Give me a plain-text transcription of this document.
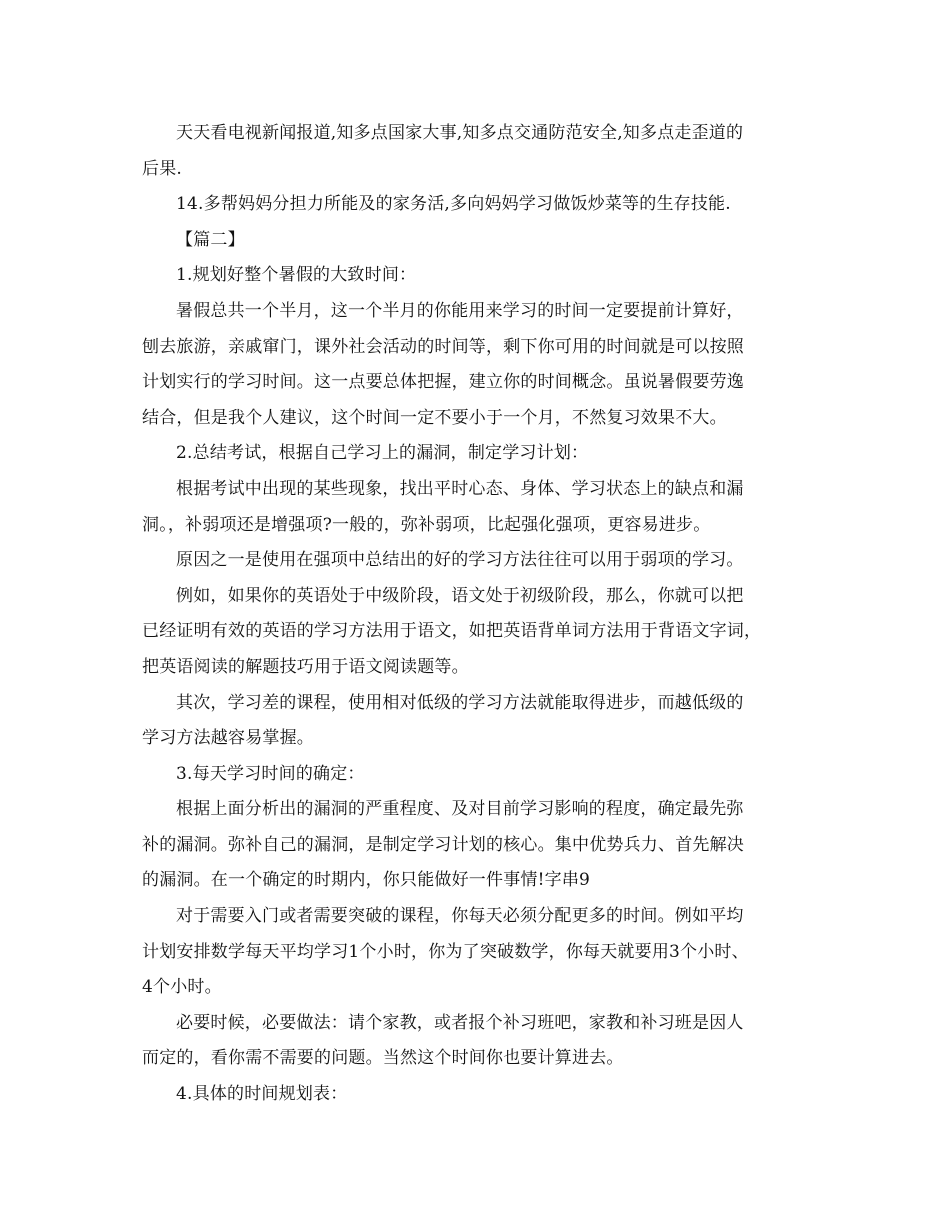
天天看电视新闻报道,知多点国家大事,知多点交通防范安全,知多点走歪道的
后果.
14.多帮妈妈分担力所能及的家务活,多向妈妈学习做饭炒菜等的生存技能.
【篇二】
1.规划好整个暑假的大致时间：
暑假总共一个半月，这一个半月的你能用来学习的时间一定要提前计算好，
刨去旅游，亲戚窜门，课外社会活动的时间等，剩下你可用的时间就是可以按照
计划实行的学习时间。这一点要总体把握，建立你的时间概念。虽说暑假要劳逸
结合，但是我个人建议，这个时间一定不要小于一个月，不然复习效果不大。
2.总结考试，根据自己学习上的漏洞，制定学习计划：
根据考试中出现的某些现象，找出平时心态、身体、学习状态上的缺点和漏
洞。，补弱项还是增强项?一般的，弥补弱项，比起强化强项，更容易进步。
原因之一是使用在强项中总结出的好的学习方法往往可以用于弱项的学习。
例如，如果你的英语处于中级阶段，语文处于初级阶段，那么，你就可以把
已经证明有效的英语的学习方法用于语文，如把英语背单词方法用于背语文字词，
把英语阅读的解题技巧用于语文阅读题等。
其次，学习差的课程，使用相对低级的学习方法就能取得进步，而越低级的
学习方法越容易掌握。
3.每天学习时间的确定：
根据上面分析出的漏洞的严重程度、及对目前学习影响的程度，确定最先弥
补的漏洞。弥补自己的漏洞，是制定学习计划的核心。集中优势兵力、首先解决
的漏洞。在一个确定的时期内，你只能做好一件事情!字串9
对于需要入门或者需要突破的课程，你每天必须分配更多的时间。例如平均
计划安排数学每天平均学习1个小时，你为了突破数学，你每天就要用3个小时、
4个小时。
必要时候，必要做法：请个家教，或者报个补习班吧，家教和补习班是因人
而定的，看你需不需要的问题。当然这个时间你也要计算进去。
4.具体的时间规划表：
